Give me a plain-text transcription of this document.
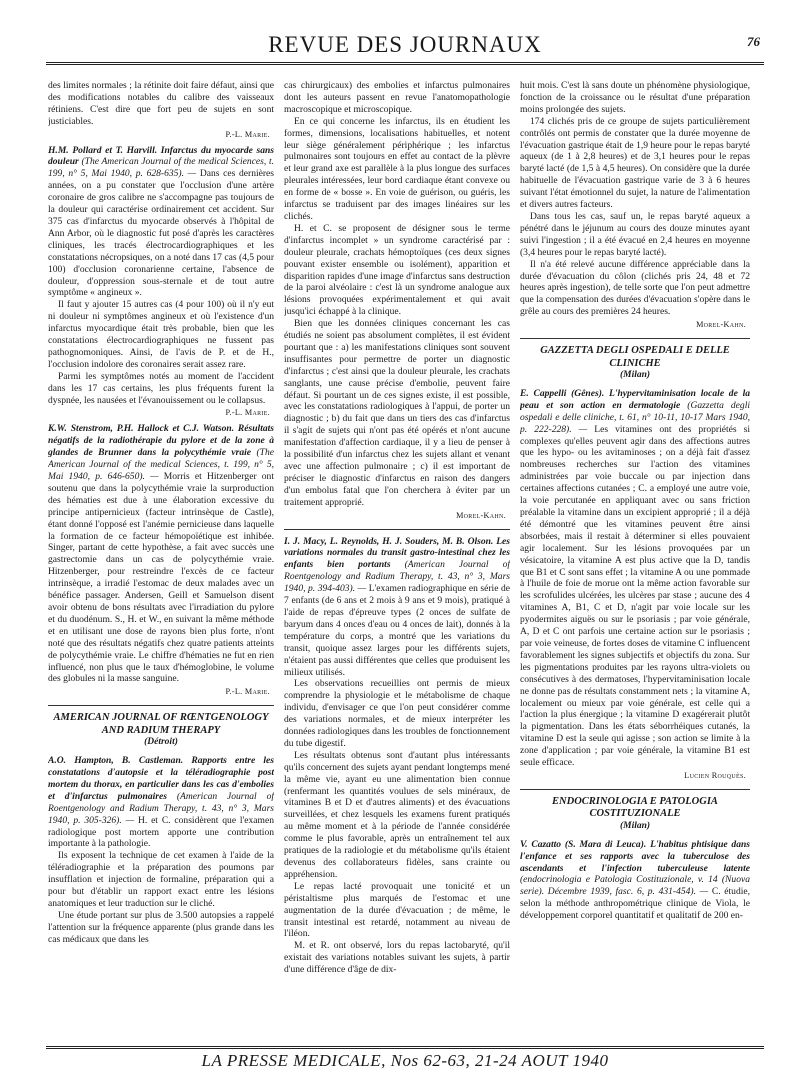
REVUE DES JOURNAUX	76

des limites normales ; la rétinite doit faire défaut, ainsi que des modifications notables du calibre des vaisseaux rétiniens. C'est dire que fort peu de sujets en sont justiciables.

P.-L. Marie.

H.M. Pollard et T. Harvill. Infarctus du myocarde sans douleur (The American Journal of the medical Sciences, t. 199, n° 5, Mai 1940, p. 628-635). — Dans ces dernières années, on a pu constater que l'occlusion d'une artère coronaire de gros calibre ne s'accompagne pas toujours de la douleur qui caractérise ordinairement cet accident. Sur 375 cas d'infarctus du myocarde observés à l'hôpital de Ann Arbor, où le diagnostic fut posé d'après les caractères cliniques, les tracés électrocardiographiques et les constatations nécropsiques, on a noté dans 17 cas (4,5 pour 100) d'occlusion coronarienne certaine, l'absence de douleur, d'oppression sous-sternale et de tout autre symptôme « angineux ».

Il faut y ajouter 15 autres cas (4 pour 100) où il n'y eut ni douleur ni symptômes angineux et où l'existence d'un infarctus myocardique était très probable, bien que les constatations électrocardiographiques ne fussent pas pathognomoniques. Ainsi, de l'avis de P. et de H., l'occlusion indolore des coronaires serait assez rare.

Parmi les symptômes notés au moment de l'accident dans les 17 cas certains, les plus fréquents furent la dyspnée, les nausées et l'évanouissement ou le collapsus.

P.-L. Marie.

K.W. Stenstrom, P.H. Hallock et C.J. Watson. Résultats négatifs de la radiothérapie du pylore et de la zone à glandes de Brunner dans la polycythémie vraie (The American Journal of the medical Sciences, t. 199, n° 5, Mai 1940, p. 646-650). — Morris et Hitzenberger ont soutenu que dans la polycythémie vraie la surproduction des hématies est due à une élaboration excessive du principe antipernicieux (facteur intrinsèque de Castle), étant donné l'opposé est l'anémie pernicieuse dans laquelle la formation de ce facteur hémopoïétique est inhibée. Singer, partant de cette hypothèse, a fait avec succès une gastrectomie dans un cas de polycythémie vraie. Hitzenberger, pour restreindre l'excès de ce facteur intrinsèque, a irradié l'estomac de deux malades avec un bénéfice passager. Andersen, Geill et Samuelson disent avoir obtenu de bons résultats avec l'irradiation du pylore et du duodénum. S., H. et W., en suivant la même méthode et en utilisant une dose de rayons bien plus forte, n'ont noté que des résultats négatifs chez quatre patients atteints de polycythémie vraie. Le chiffre d'hématies ne fut en rien influencé, non plus que le taux d'hémoglobine, le volume des globules ni la masse sanguine.

P.-L. Marie.
AMERICAN JOURNAL OF RŒNTGENOLOGY AND RADIUM THERAPY
(Détroit)

A.O. Hampton, B. Castleman. Rapports entre les constatations d'autopsie et la téléradiographie post mortem du thorax, en particulier dans les cas d'embolies et d'infarctus pulmonaires (American Journal of Roentgenology and Radium Therapy, t. 43, n° 3, Mars 1940, p. 305-326). — H. et C. considèrent que l'examen radiologique post mortem apporte une contribution importante à la pathologie.

Ils exposent la technique de cet examen à l'aide de la téléradiographie et la préparation des poumons par insufflation et injection de formaline, préparation qui a pour but d'établir un rapport exact entre les lésions anatomiques et leur traduction sur le cliché.

Une étude portant sur plus de 3.500 autopsies a rappelé l'attention sur la fréquence apparente (plus grande dans les cas médicaux que dans les

cas chirurgicaux) des embolies et infarctus pulmonaires dont les auteurs passent en revue l'anatomopathologie macroscopique et microscopique.

En ce qui concerne les infarctus, ils en étudient les formes, dimensions, localisations habituelles, et notent leur siège généralement périphérique ; les infarctus pulmonaires sont toujours en effet au contact de la plèvre et leur grand axe est parallèle à la plus longue des surfaces pleurales intéressées, leur bord cardiaque étant convexe ou en forme de « bosse ». En voie de guérison, ou guéris, les infarctus se traduisent par des images linéaires sur les clichés.

H. et C. se proposent de désigner sous le terme d'infarctus incomplet » un syndrome caractérisé par : douleur pleurale, crachats hémoptoïques (ces deux signes pouvant exister ensemble ou isolément), apparition et disparition rapides d'une image d'infarctus sans destruction de la paroi alvéolaire : c'est là un syndrome analogue aux lésions provoquées expérimentalement et qui avait jusqu'ici échappé à la clinique.

Bien que les données cliniques concernant les cas étudiés ne soient pas absolument complètes, il est évident pourtant que : a) les manifestations cliniques sont souvent insuffisantes pour permettre de porter un diagnostic d'infarctus ; c'est ainsi que la douleur pleurale, les crachats sanglants, une cause précise d'embolie, peuvent faire défaut. Si pourtant un de ces signes existe, il est possible, avec les constatations radiologiques à l'appui, de porter un diagnostic ; b) du fait que dans un tiers des cas d'infarctus il s'agit de sujets qui n'ont pas été opérés et n'ont aucune manifestation d'affection cardiaque, il y a lieu de penser à la possibilité d'un infarctus chez les sujets allant et venant avec une affection pulmonaire ; c) il est important de préciser le diagnostic d'infarctus en raison des dangers d'un embolus fatal que l'on cherchera à éviter par un traitement approprié.

Morel-Kahn.

I. J. Macy, L. Reynolds, H. J. Souders, M. B. Olson. Les variations normales du transit gastro-intestinal chez les enfants bien portants (American Journal of Roentgenology and Radium Therapy, t. 43, n° 3, Mars 1940, p. 394-403). — L'examen radiographique en série de 7 enfants (de 6 ans et 2 mois à 9 ans et 9 mois), pratiqué à l'aide de repas d'épreuve types (2 onces de sulfate de baryum dans 4 onces d'eau ou 4 onces de lait), donnés à la température du corps, a montré que les variations du transit, quoique assez larges pour les différents sujets, n'étaient pas aussi différentes que celles que produisent les milieux utilisés.

Les observations recueillies ont permis de mieux comprendre la physiologie et le métabolisme de chaque individu, d'envisager ce que l'on peut considérer comme des variations normales, et de mieux interpréter les données radiologiques dans les troubles de fonctionnement du tube digestif.

Les résultats obtenus sont d'autant plus intéressants qu'ils concernent des sujets ayant pendant longtemps mené la même vie, ayant eu une alimentation bien connue (renfermant les quantités voulues de sels minéraux, de vitamines B et D et d'autres aliments) et des évacuations surveillées, et chez lesquels les examens furent pratiqués au même moment et à la période de l'année considérée comme le plus favorable, après un entraînement tel aux pratiques de la radiologie et du métabolisme qu'ils étaient devenus des collaborateurs fidèles, sans crainte ou appréhension.

Le repas lacté provoquait une tonicité et un péristaltisme plus marqués de l'estomac et une augmentation de la durée d'évacuation ; de même, le transit intestinal est retardé, notamment au niveau de l'iléon.

M. et R. ont observé, lors du repas lactobaryté, qu'il existait des variations notables suivant les sujets, à partir d'une différence d'âge de dix-

huit mois. C'est là sans doute un phénomène physiologique, fonction de la croissance ou le résultat d'une préparation moins prolongée des sujets.

174 clichés pris de ce groupe de sujets particulièrement contrôlés ont permis de constater que la durée moyenne de l'évacuation gastrique était de 1,9 heure pour le repas baryté aqueux (de 1 à 2,8 heures) et de 3,1 heures pour le repas baryté lacté (de 1,5 à 4,5 heures). On considère que la durée habituelle de l'évacuation gastrique varie de 3 à 6 heures suivant l'état émotionnel du sujet, la nature de l'alimentation et divers autres facteurs.

Dans tous les cas, sauf un, le repas baryté aqueux a pénétré dans le jéjunum au cours des douze minutes ayant suivi l'ingestion ; il a été évacué en 2,4 heures en moyenne (3,4 heures pour le repas baryté lacté).

Il n'a été relevé aucune différence appréciable dans la durée d'évacuation du côlon (clichés pris 24, 48 et 72 heures après ingestion), de telle sorte que l'on peut admettre que la compensation des durées d'évacuation s'opère dans le grêle au cours des premières 24 heures.

Morel-Kahn.
GAZZETTA DEGLI OSPEDALI E DELLE CLINICHE
(Milan)

E. Cappelli (Gênes). L'hypervitaminisation locale de la peau et son action en dermatologie (Gazzetta degli ospedali e delle cliniche, t. 61, n° 10-11, 10-17 Mars 1940, p. 222-228). — Les vitamines ont des propriétés si complexes qu'elles peuvent agir dans des affections autres que les hypo- ou les avitaminoses ; on a déjà fait d'assez nombreuses recherches sur l'action des vitamines administrées par voie buccale ou par injection dans certaines affections cutanées ; C. a employé une autre voie, la voie percutanée en appliquant avec ou sans friction préalable la vitamine dans un excipient approprié ; il a déjà été démontré que les vitamines peuvent être ainsi absorbées, mais il restait à déterminer si elles pouvaient agir localement. Sur les lésions provoquées par un vésicatoire, la vitamine A est plus active que la D, tandis que B1 et C sont sans effet ; la vitamine A ou une pommade à l'huile de foie de morue ont la même action favorable sur les scrofulides ulcérées, les ulcères par stase ; aucune des 4 vitamines A, B1, C et D, n'agit par voie locale sur les pyodermites aiguës ou sur le psoriasis ; par voie générale, A, D et C ont parfois une certaine action sur le psoriasis ; par voie veineuse, de fortes doses de vitamine C influencent favorablement les signes subjectifs et objectifs du zona. Sur les pigmentations produites par les rayons ultra-violets ou consécutives à des dermatoses, l'hypervitaminisation locale ne donne pas de résultats constamment nets ; la vitamine A, localement ou mieux par voie générale, est celle qui a l'action la plus énergique ; la vitamine D exagérerait plutôt la pigmentation. Dans les états séborrhéiques cutanés, la vitamine D est la seule qui agisse ; son action se limite à la zone d'application ; par voie générale, la vitamine B1 est seule efficace.

Lucien Rouquès.
ENDOCRINOLOGIA E PATOLOGIA COSTITUZIONALE
(Milan)

V. Cazatto (S. Mara di Leuca). L'habitus phtisique dans l'enfance et ses rapports avec la tuberculose des ascendants et l'infection tuberculeuse latente (endocrinologia e Patologia Costituzionale, v. 14 (Nuova serie). Décembre 1939, fasc. 6, p. 431-454). — C. étudie, selon la méthode anthropométrique clinique de Viola, le développement corporel quantitatif et qualitatif de 200 en-

LA PRESSE MEDICALE, Nos 62-63, 21-24 AOUT 1940
